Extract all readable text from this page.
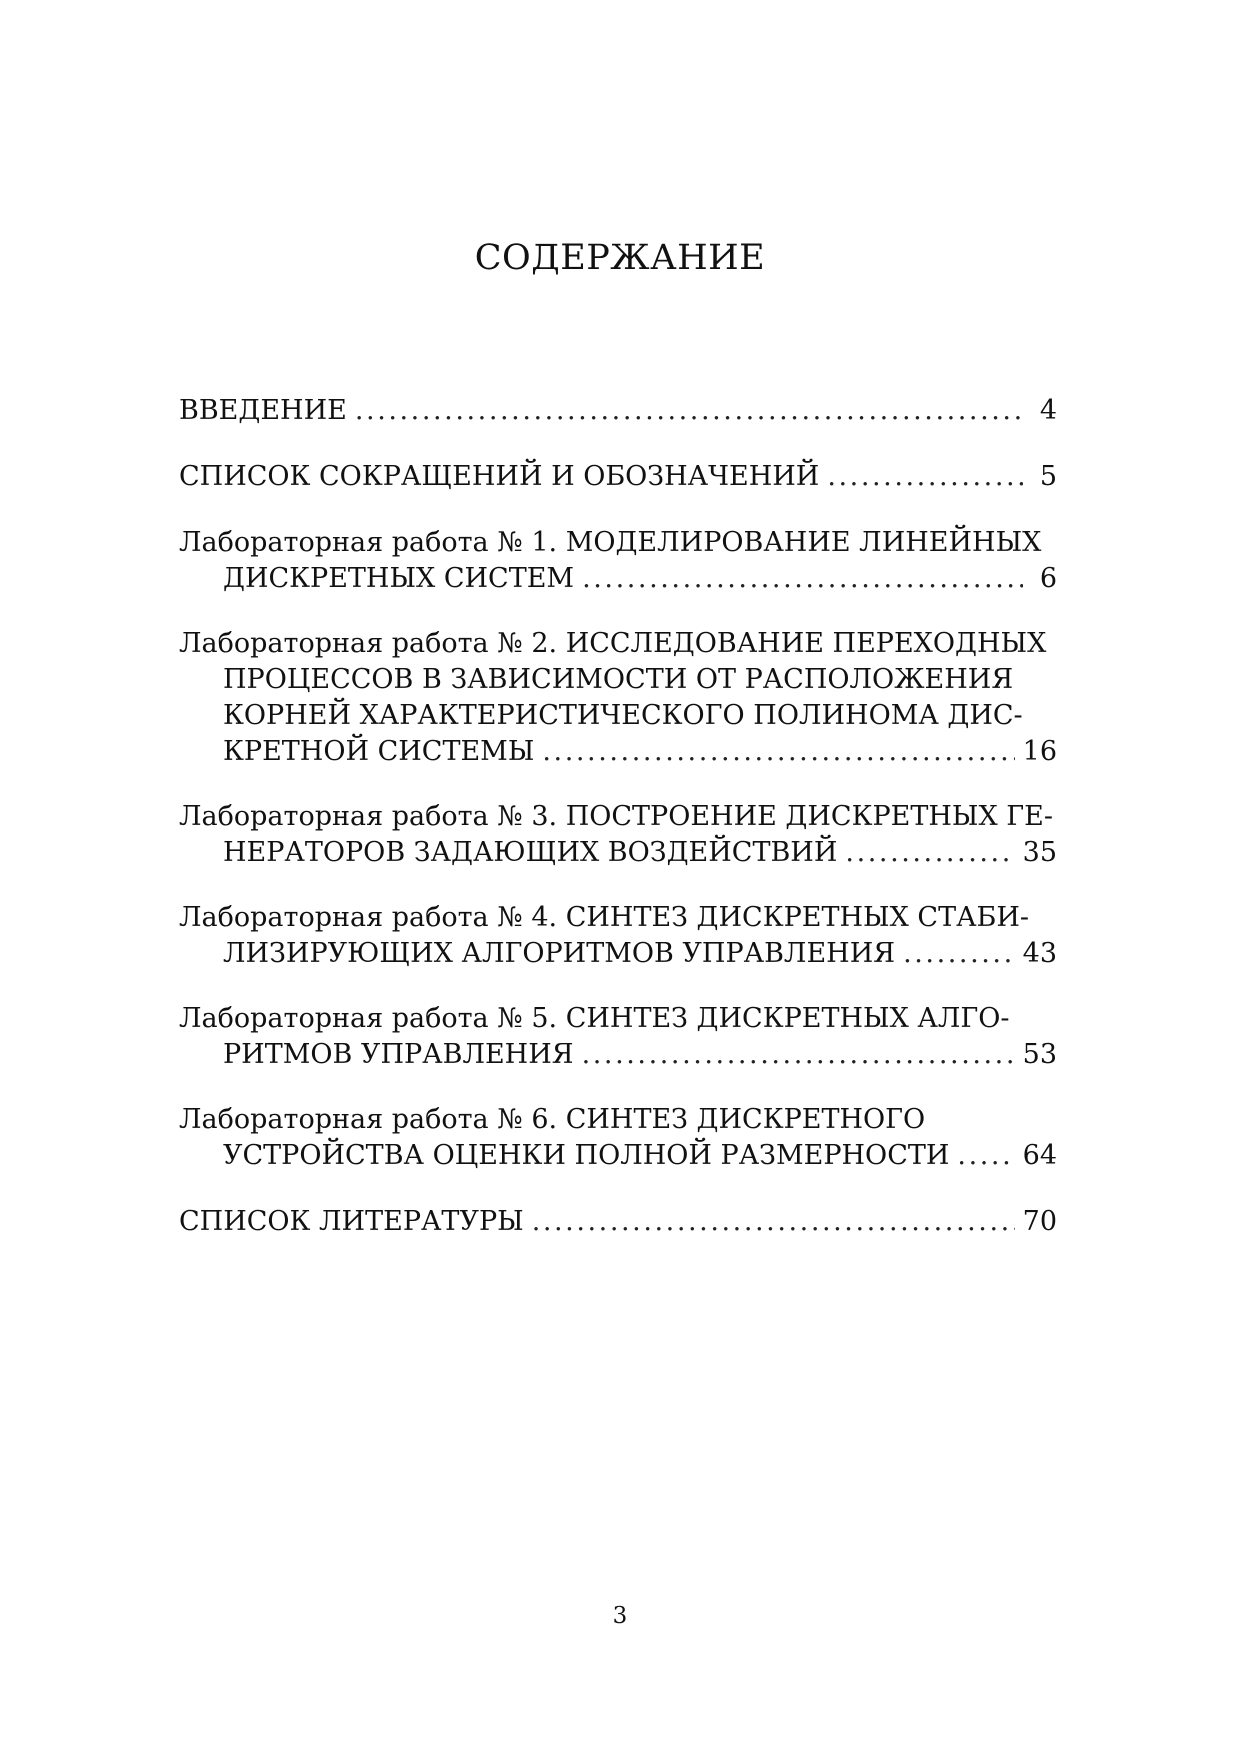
СОДЕРЖАНИЕ
ВВЕДЕНИЕ . . .	4
СПИСОК СОКРАЩЕНИЙ И ОБОЗНАЧЕНИЙ . . .	5
Лабораторная работа № 1. МОДЕЛИРОВАНИЕ ЛИНЕЙНЫХ
ДИСКРЕТНЫХ СИСТЕМ . . .	6
Лабораторная работа № 2. ИССЛЕДОВАНИЕ ПЕРЕХОДНЫХ
ПРОЦЕССОВ В ЗАВИСИМОСТИ ОТ РАСПОЛОЖЕНИЯ
КОРНЕЙ ХАРАКТЕРИСТИЧЕСКОГО ПОЛИНОМА ДИС-
КРЕТНОЙ СИСТЕМЫ . . .	16
Лабораторная работа № 3. ПОСТРОЕНИЕ ДИСКРЕТНЫХ ГЕ-
НЕРАТОРОВ ЗАДАЮЩИХ ВОЗДЕЙСТВИЙ . . .	35
Лабораторная работа № 4. СИНТЕЗ ДИСКРЕТНЫХ СТАБИ-
ЛИЗИРУЮЩИХ АЛГОРИТМОВ УПРАВЛЕНИЯ . . .	43
Лабораторная работа № 5. СИНТЕЗ ДИСКРЕТНЫХ АЛГО-
РИТМОВ УПРАВЛЕНИЯ . . .	53
Лабораторная работа № 6. СИНТЕЗ ДИСКРЕТНОГО
УСТРОЙСТВА ОЦЕНКИ ПОЛНОЙ РАЗМЕРНОСТИ . . .	64
СПИСОК ЛИТЕРАТУРЫ . . .	70
3
